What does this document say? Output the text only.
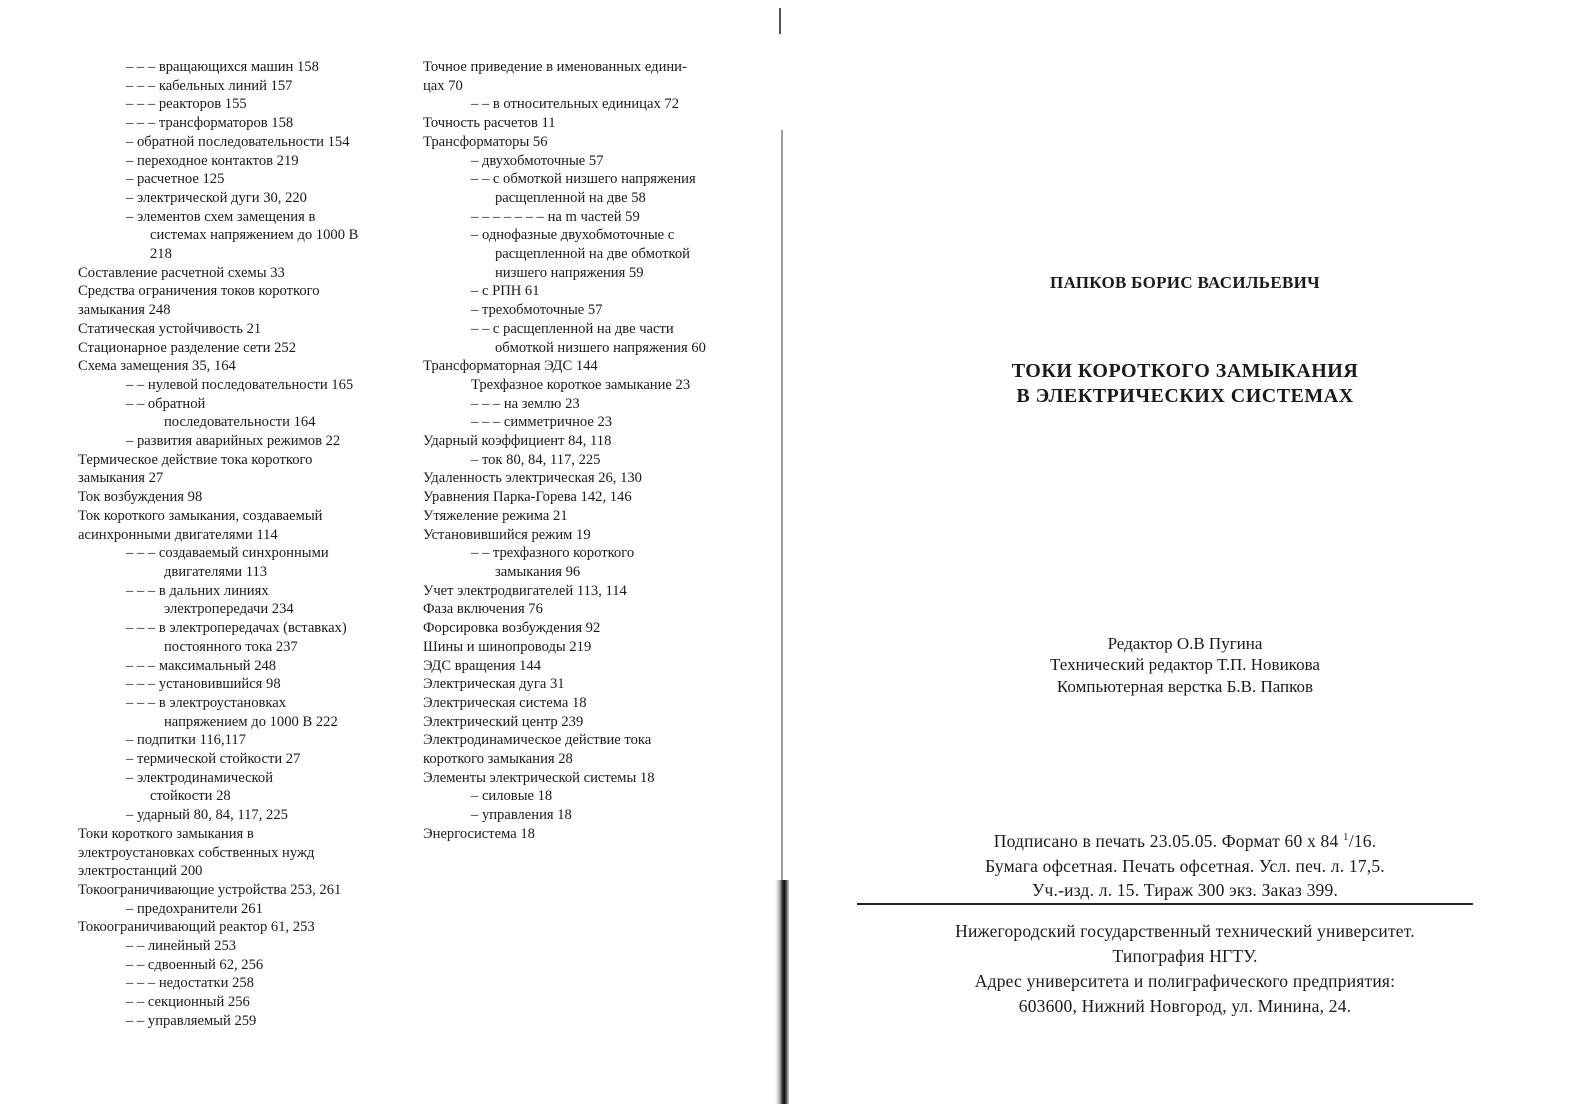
– – – вращающихся машин 158
– – – кабельных линий 157
– – – реакторов 155
– – – трансформаторов 158
– обратной последовательности 154
– переходное контактов 219
– расчетное 125
– электрической дуги 30, 220
– элементов схем замещения в
системах напряжением до 1000 В
218
Составление расчетной схемы 33
Средства ограничения токов короткого
замыкания 248
Статическая устойчивость 21
Стационарное разделение сети 252
Схема замещения 35, 164
– – нулевой последовательности 165
– – обратной
последовательности 164
– развития аварийных режимов 22
Термическое действие тока короткого
замыкания 27
Ток возбуждения 98
Ток короткого замыкания, создаваемый
асинхронными двигателями 114
– – – создаваемый синхронными
двигателями 113
– – – в дальних линиях
электропередачи 234
– – – в электропередачах (вставках)
постоянного тока 237
– – – максимальный 248
– – – установившийся 98
– – – в электроустановках
напряжением до 1000 В 222
– подпитки 116,117
– термической стойкости 27
– электродинамической
стойкости 28
– ударный 80, 84, 117, 225
Токи короткого замыкания в
электроустановках собственных нужд
электростанций 200
Токоограничивающие устройства 253, 261
– предохранители 261
Токоограничивающий реактор 61, 253
– – линейный 253
– – сдвоенный 62, 256
– – – недостатки 258
– – секционный 256
– – управляемый 259
Точное приведение в именованных едини-
цах 70
– – в относительных единицах 72
Точность расчетов 11
Трансформаторы 56
– двухобмоточные 57
– – с обмоткой низшего напряжения
расщепленной на две 58
– – – – – – – на m частей 59
– однофазные двухобмоточные с
расщепленной на две обмоткой
низшего напряжения 59
– с РПН 61
– трехобмоточные 57
– – с расщепленной на две части
обмоткой низшего напряжения 60
Трансформаторная ЭДС 144
Трехфазное короткое замыкание 23
– – – на землю 23
– – – симметричное 23
Ударный коэффициент 84, 118
– ток 80, 84, 117, 225
Удаленность электрическая 26, 130
Уравнения Парка-Горева 142, 146
Утяжеление режима 21
Установившийся режим 19
– – трехфазного короткого
замыкания 96
Учет электродвигателей 113, 114
Фаза включения 76
Форсировка возбуждения 92
Шины и шинопроводы 219
ЭДС вращения 144
Электрическая дуга 31
Электрическая система 18
Электрический центр 239
Электродинамическое действие тока
короткого замыкания 28
Элементы электрической системы 18
– силовые 18
– управления 18
Энергосистема 18
ПАПКОВ БОРИС ВАСИЛЬЕВИЧ
ТОКИ КОРОТКОГО ЗАМЫКАНИЯ
В ЭЛЕКТРИЧЕСКИХ СИСТЕМАХ
Редактор О.В Пугина
Технический редактор Т.П. Новикова
Компьютерная верстка Б.В. Папков
Подписано в печать 23.05.05. Формат 60 х 84 $^1$/16.
Бумага офсетная. Печать офсетная. Усл. печ. л. 17,5.
Уч.-изд. л. 15. Тираж 300 экз. Заказ 399.
Нижегородский государственный технический университет.
Типография НГТУ.
Адрес университета и полиграфического предприятия:
603600, Нижний Новгород, ул. Минина, 24.
